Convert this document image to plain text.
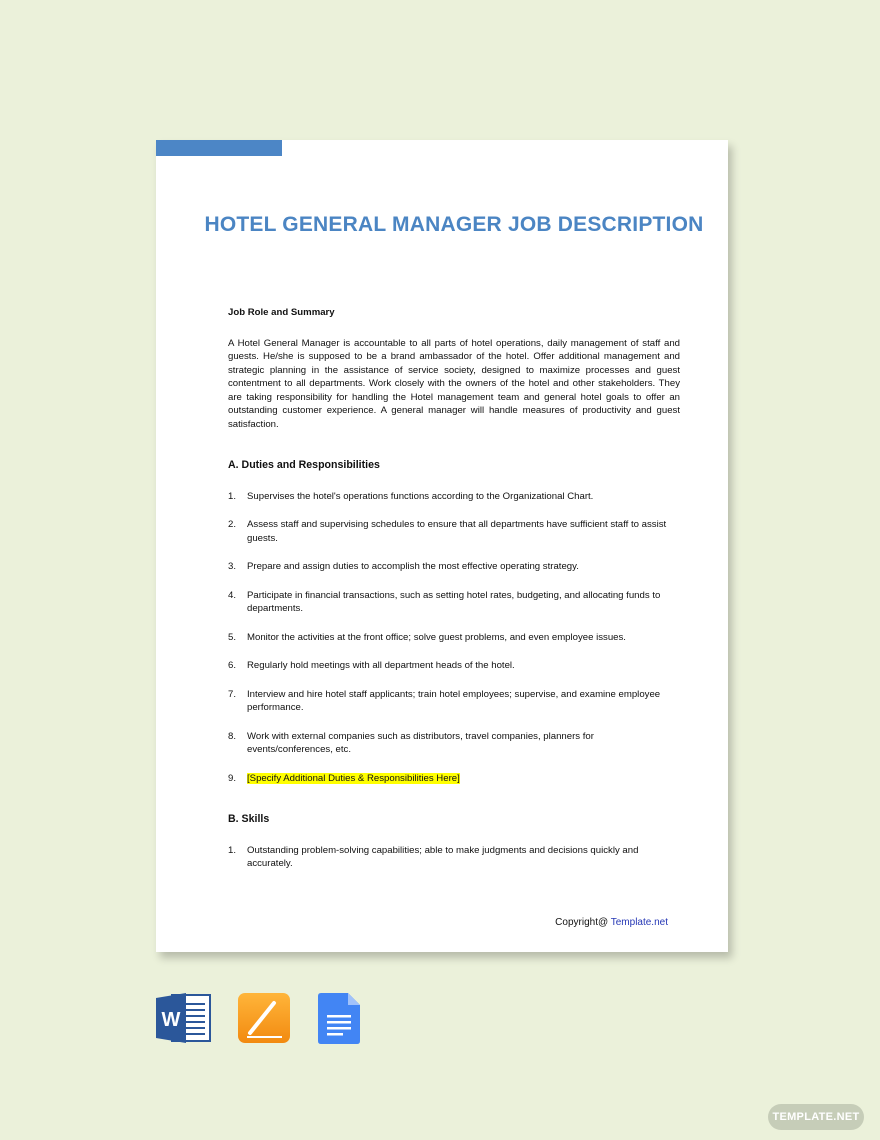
HOTEL GENERAL MANAGER JOB DESCRIPTION

Job Role and Summary

A Hotel General Manager is accountable to all parts of hotel operations, daily management of staff and guests. He/she is supposed to be a brand ambassador of the hotel. Offer additional management and strategic planning in the assistance of service society, designed to maximize processes and guest contentment to all departments. Work closely with the owners of the hotel and other stakeholders. They are taking responsibility for handling the Hotel management team and general hotel goals to offer an outstanding customer experience. A general manager will handle measures of productivity and guest satisfaction.

A. Duties and Responsibilities

1. Supervises the hotel's operations functions according to the Organizational Chart.
2. Assess staff and supervising schedules to ensure that all departments have sufficient staff to assist guests.
3. Prepare and assign duties to accomplish the most effective operating strategy.
4. Participate in financial transactions, such as setting hotel rates, budgeting, and allocating funds to departments.
5. Monitor the activities at the front office; solve guest problems, and even employee issues.
6. Regularly hold meetings with all department heads of the hotel.
7. Interview and hire hotel staff applicants; train hotel employees; supervise, and examine employee performance.
8. Work with external companies such as distributors, travel companies, planners for events/conferences, etc.
9. [Specify Additional Duties & Responsibilities Here]

B. Skills

1. Outstanding problem-solving capabilities; able to make judgments and decisions quickly and accurately.
Copyright@ Template.net
W
TEMPLATE.NET
